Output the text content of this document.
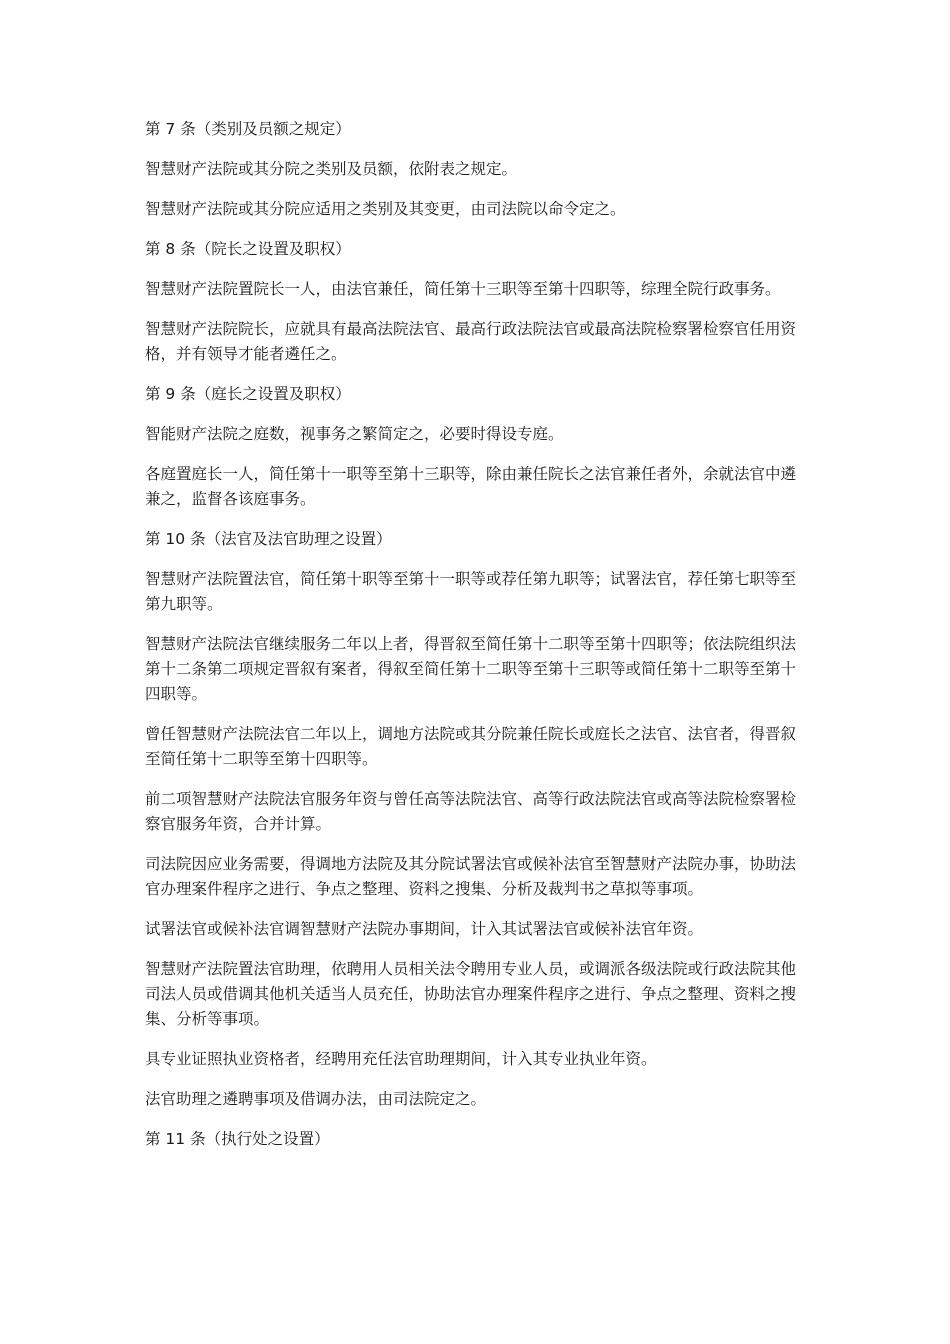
第 7 条（类别及员额之规定）

智慧财产法院或其分院之类别及员额，依附表之规定。

智慧财产法院或其分院应适用之类别及其变更，由司法院以命令定之。

第 8 条（院长之设置及职权）

智慧财产法院置院长一人，由法官兼任，简任第十三职等至第十四职等，综理全院行政事务。

智慧财产法院院长，应就具有最高法院法官、最高行政法院法官或最高法院检察署检察官任用资格，并有领导才能者遴任之。

第 9 条（庭长之设置及职权）

智能财产法院之庭数，视事务之繁简定之，必要时得设专庭。

各庭置庭长一人，简任第十一职等至第十三职等，除由兼任院长之法官兼任者外，余就法官中遴兼之，监督各该庭事务。

第 10 条（法官及法官助理之设置）

智慧财产法院置法官，简任第十职等至第十一职等或荐任第九职等；试署法官，荐任第七职等至第九职等。

智慧财产法院法官继续服务二年以上者，得晋叙至简任第十二职等至第十四职等；依法院组织法第十二条第二项规定晋叙有案者，得叙至简任第十二职等至第十三职等或简任第十二职等至第十四职等。

曾任智慧财产法院法官二年以上，调地方法院或其分院兼任院长或庭长之法官、法官者，得晋叙至简任第十二职等至第十四职等。

前二项智慧财产法院法官服务年资与曾任高等法院法官、高等行政法院法官或高等法院检察署检察官服务年资，合并计算。

司法院因应业务需要，得调地方法院及其分院试署法官或候补法官至智慧财产法院办事，协助法官办理案件程序之进行、争点之整理、资料之搜集、分析及裁判书之草拟等事项。

试署法官或候补法官调智慧财产法院办事期间，计入其试署法官或候补法官年资。

智慧财产法院置法官助理，依聘用人员相关法令聘用专业人员，或调派各级法院或行政法院其他司法人员或借调其他机关适当人员充任，协助法官办理案件程序之进行、争点之整理、资料之搜集、分析等事项。

具专业证照执业资格者，经聘用充任法官助理期间，计入其专业执业年资。

法官助理之遴聘事项及借调办法，由司法院定之。

第 11 条（执行处之设置）
